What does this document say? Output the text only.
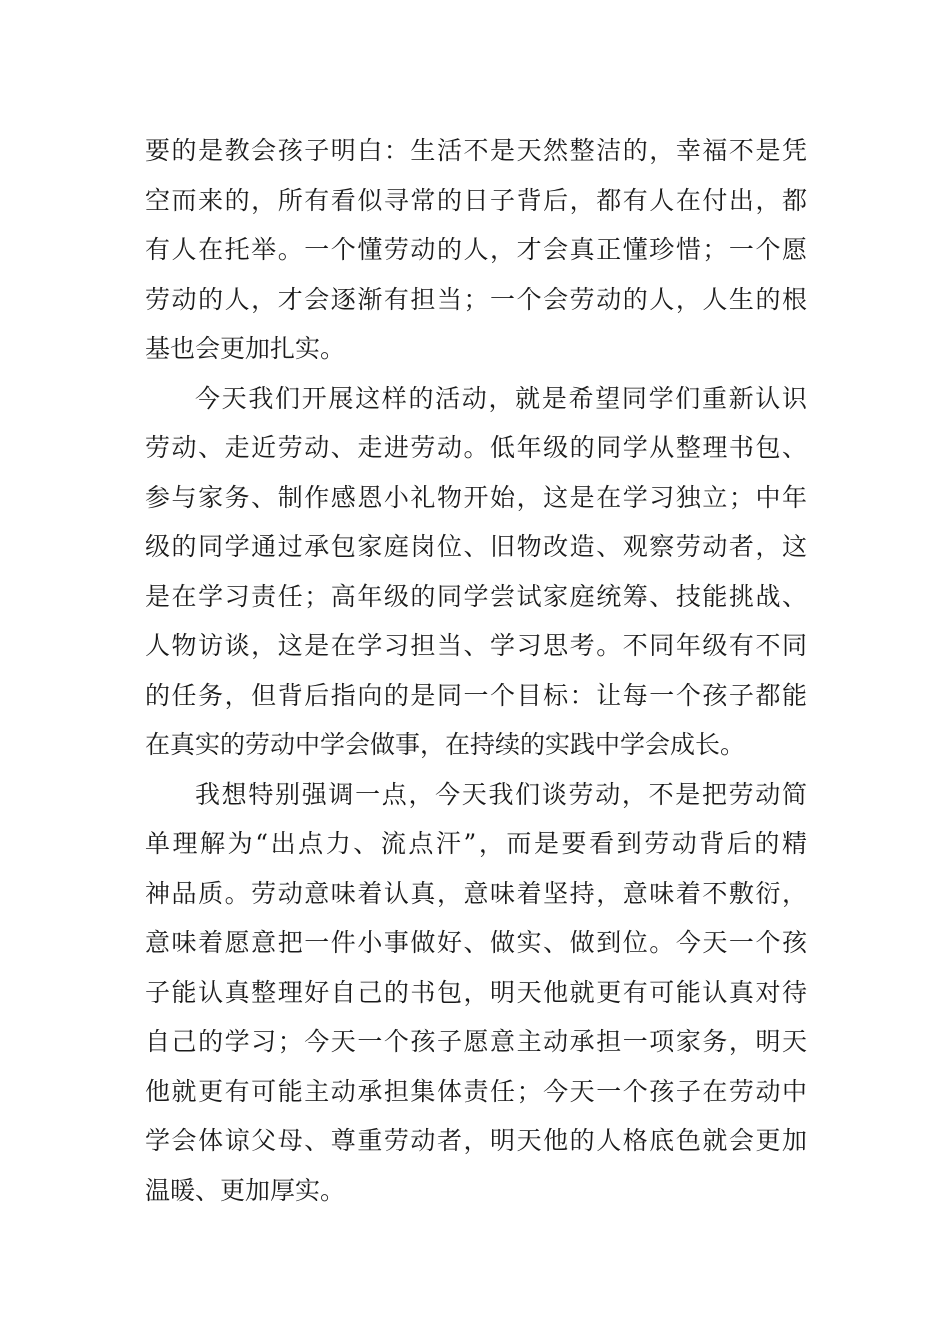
要的是教会孩子明白：生活不是天然整洁的，幸福不是凭
空而来的，所有看似寻常的日子背后，都有人在付出，都
有人在托举。一个懂劳动的人，才会真正懂珍惜；一个愿
劳动的人，才会逐渐有担当；一个会劳动的人，人生的根
基也会更加扎实。
今天我们开展这样的活动，就是希望同学们重新认识
劳动、走近劳动、走进劳动。低年级的同学从整理书包、
参与家务、制作感恩小礼物开始，这是在学习独立；中年
级的同学通过承包家庭岗位、旧物改造、观察劳动者，这
是在学习责任；高年级的同学尝试家庭统筹、技能挑战、
人物访谈，这是在学习担当、学习思考。不同年级有不同
的任务，但背后指向的是同一个目标：让每一个孩子都能
在真实的劳动中学会做事，在持续的实践中学会成长。
我想特别强调一点，今天我们谈劳动，不是把劳动简
单理解为“出点力、流点汗”，而是要看到劳动背后的精
神品质。劳动意味着认真，意味着坚持，意味着不敷衍，
意味着愿意把一件小事做好、做实、做到位。今天一个孩
子能认真整理好自己的书包，明天他就更有可能认真对待
自己的学习；今天一个孩子愿意主动承担一项家务，明天
他就更有可能主动承担集体责任；今天一个孩子在劳动中
学会体谅父母、尊重劳动者，明天他的人格底色就会更加
温暖、更加厚实。
